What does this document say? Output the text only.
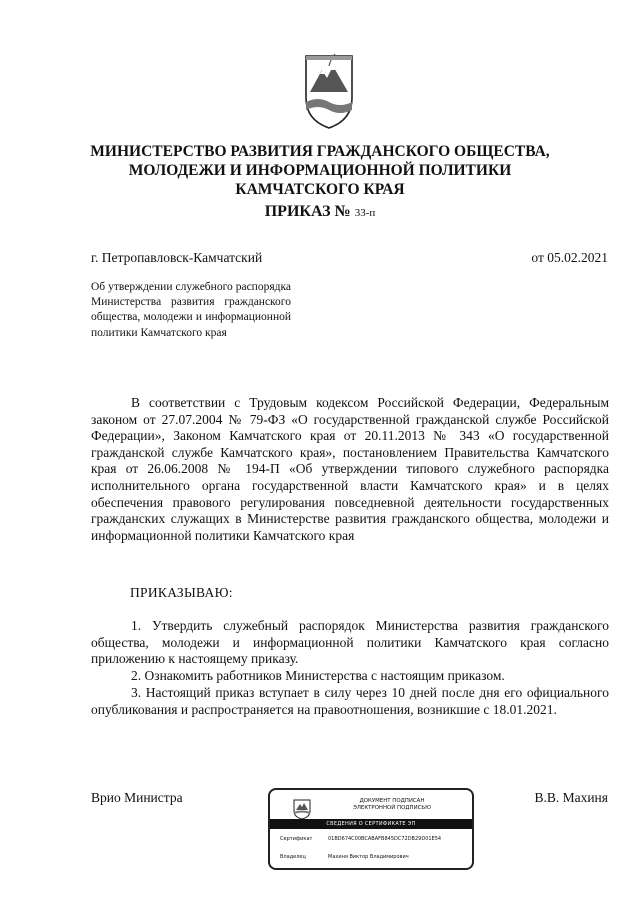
МИНИСТЕРСТВО РАЗВИТИЯ ГРАЖДАНСКОГО ОБЩЕСТВА,
МОЛОДЕЖИ И ИНФОРМАЦИОННОЙ ПОЛИТИКИ
КАМЧАТСКОГО КРАЯ
ПРИКАЗ № 33-п
г. Петропавловск-Камчатский	от 05.02.2021
Об утверждении служебного распорядка Министерства развития гражданского общества, молодежи и информационной политики Камчатского края
В соответствии с Трудовым кодексом Российской Федерации, Федеральным законом от 27.07.2004 № 79-ФЗ «О государственной гражданской службе Российской Федерации», Законом Камчатского края от 20.11.2013 № 343 «О государственной гражданской службе Камчатского края», постановлением Правительства Камчатского края от 26.06.2008 № 194-П «Об утверждении типового служебного распорядка исполнительного органа государственной власти Камчатского края» и в целях обеспечения правового регулирования повседневной деятельности государственных гражданских служащих в Министерстве развития гражданского общества, молодежи и информационной политики Камчатского края
ПРИКАЗЫВАЮ:
1. Утвердить служебный распорядок Министерства развития гражданского общества, молодежи и информационной политики Камчатского края согласно приложению к настоящему приказу.
2. Ознакомить работников Министерства с настоящим приказом.
3. Настоящий приказ вступает в силу через 10 дней после дня его официального опубликования и распространяется на правоотношения, возникшие с 18.01.2021.
Врио Министра	В.В. Махиня
ДОКУМЕНТ ПОДПИСАН
ЭЛЕКТРОННОЙ ПОДПИСЬЮ
СВЕДЕНИЯ О СЕРТИФИКАТЕ ЭП
Сертификат	01BD674C00BCABAFB845DC72DB29D01E54
Владелец	Махиня Виктор Владимирович
